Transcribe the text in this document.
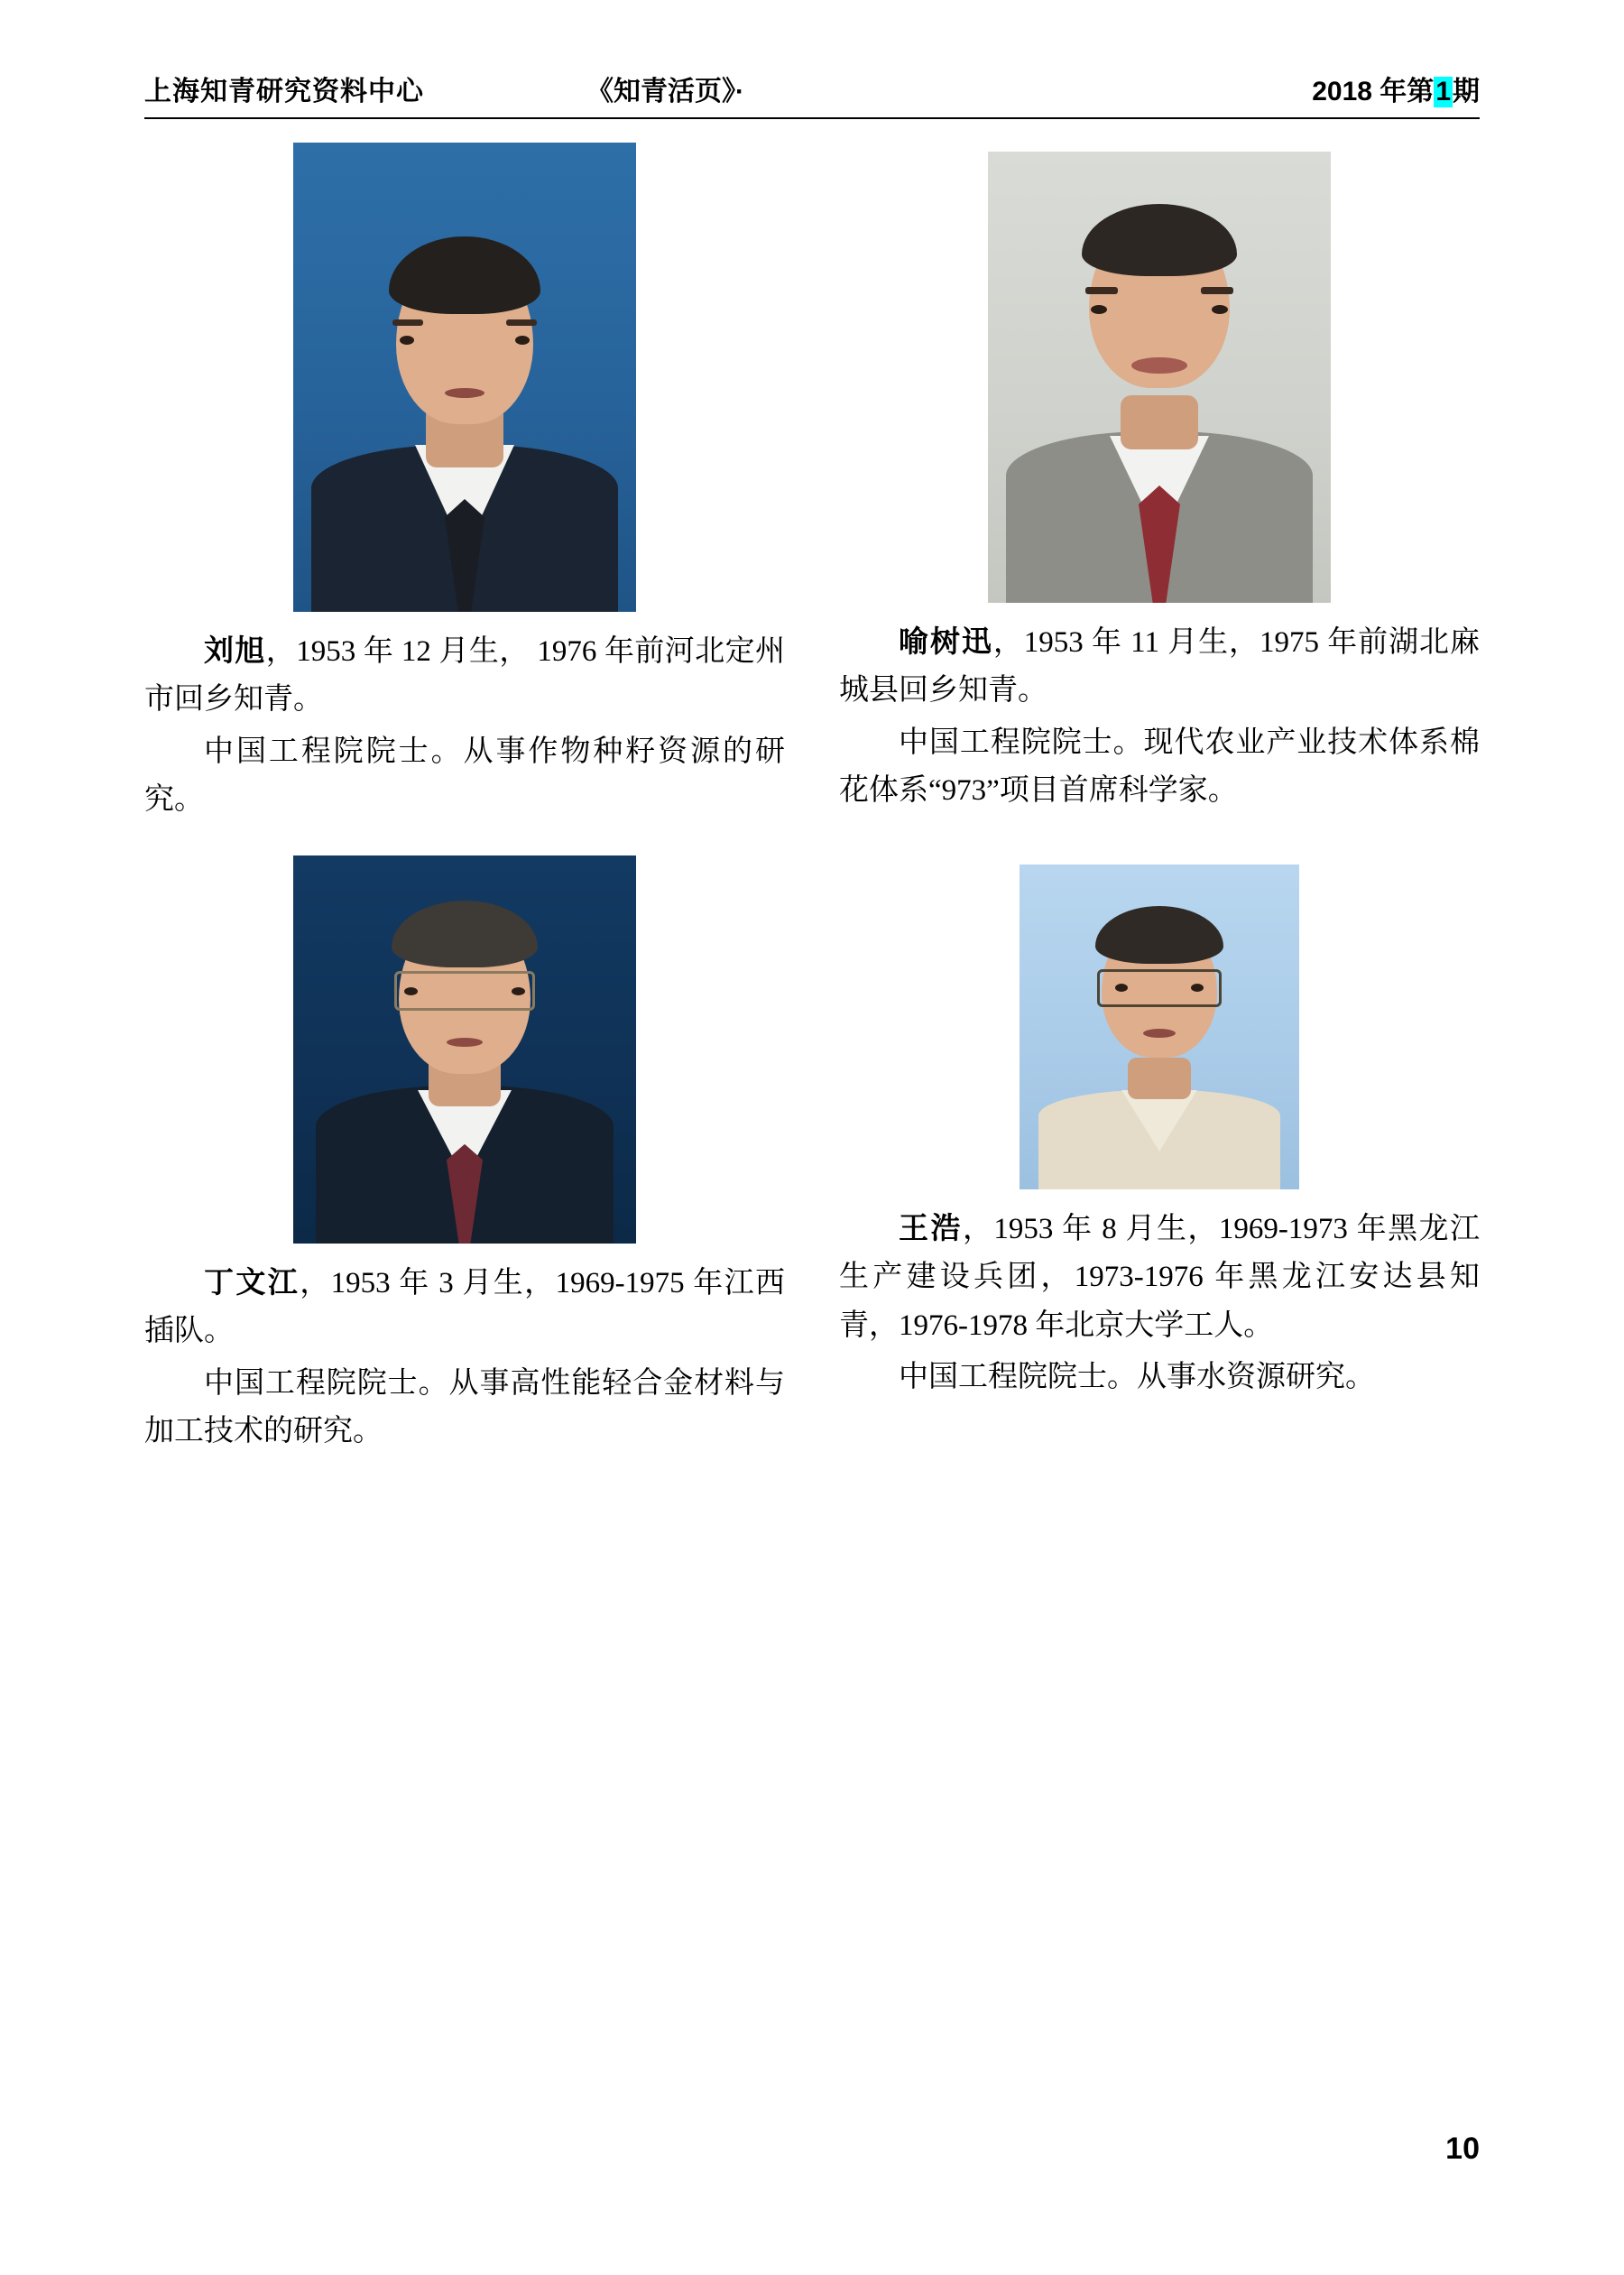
上海知青研究资料中心	《知青活页》·	2018 年第 1 期

刘旭，1953 年 12 月生， 1976 年前河北定州市回乡知青。

中国工程院院士。从事作物种籽资源的研究。

丁文江，1953 年 3 月生，1969-1975 年江西插队。

中国工程院院士。从事高性能轻合金材料与加工技术的研究。

喻树迅，1953 年 11 月生，1975 年前湖北麻城县回乡知青。

中国工程院院士。现代农业产业技术体系棉花体系“973”项目首席科学家。

王浩，1953 年 8 月生，1969-1973 年黑龙江生产建设兵团，1973-1976 年黑龙江安达县知青，1976-1978 年北京大学工人。

中国工程院院士。从事水资源研究。

10
